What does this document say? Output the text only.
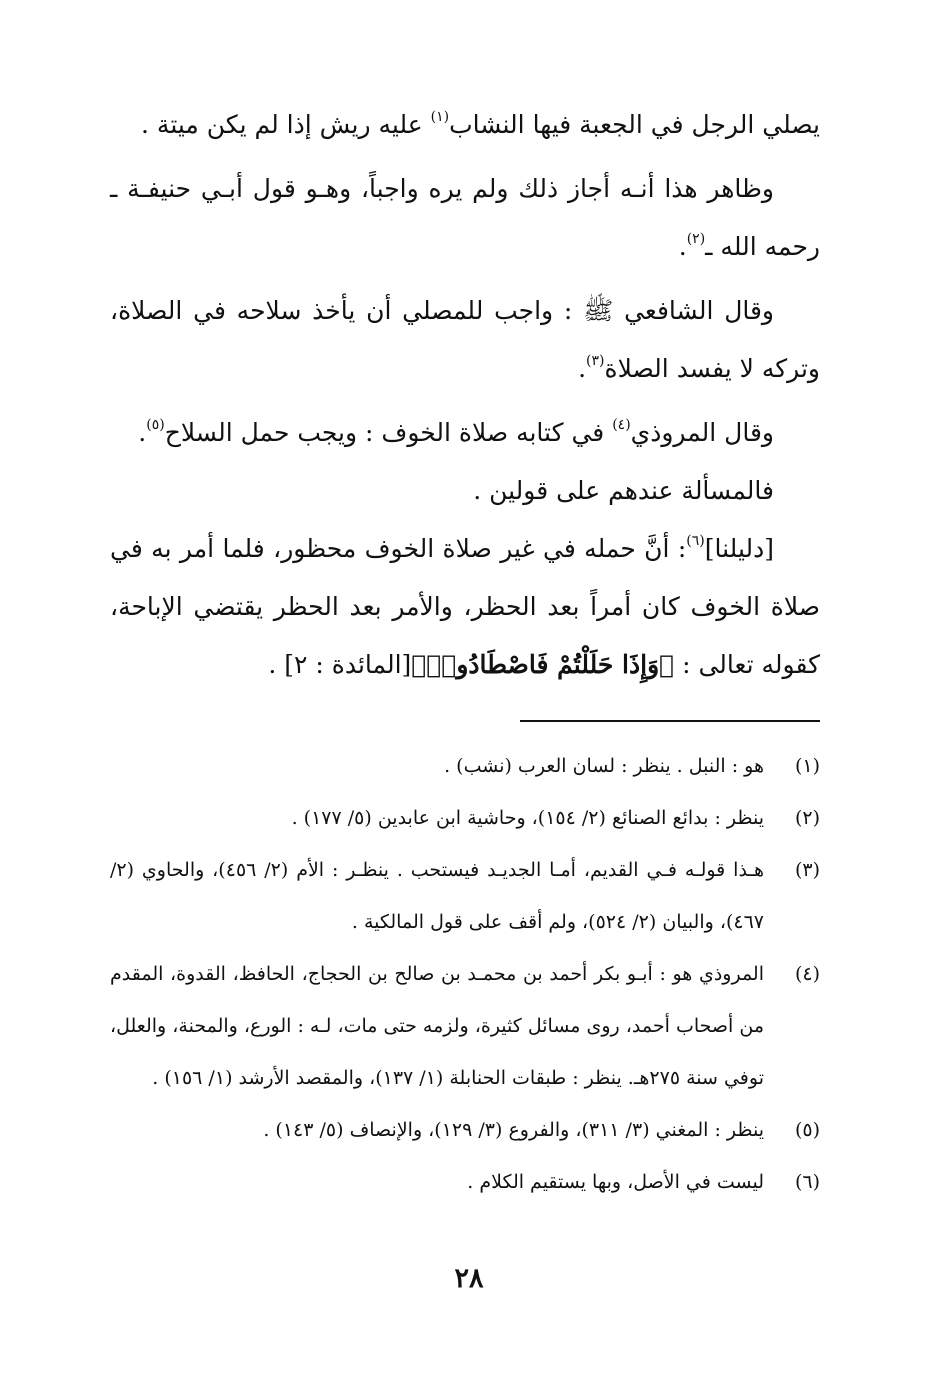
يصلي الرجل في الجعبة فيها النشاب$^{(١)}$ عليه ريش إذا لم يكن ميتة .

وظاهر هذا أنـه أجاز ذلك ولم يره واجباً، وهـو قول أبـي حنيفـة ـ رحمه الله ـ$^{(٢)}$.

وقال الشافعي ﷺ : واجب للمصلي أن يأخذ سلاحه في الصلاة، وتركه لا يفسد الصلاة$^{(٣)}$.

وقال المروذي$^{(٤)}$ في كتابه صلاة الخوف : ويجب حمل السلاح$^{(٥)}$.

فالمسألة عندهم على قولين .

[دليلنا]$^{(٦)}$: أنَّ حمله في غير صلاة الخوف محظور، فلما أمر به في صلاة الخوف كان أمراً بعد الحظر، والأمر بعد الحظر يقتضي الإباحة، كقوله تعالى : ﴿وَإِذَا حَلَلْتُمْ فَاصْطَادُوا۟﴾[المائدة : ٢] .

(١)
هو : النبل . ينظر : لسان العرب (نشب) .
(٢)
ينظر : بدائع الصنائع (٢/ ١٥٤)، وحاشية ابن عابدين (٥/ ١٧٧) .
(٣)
هـذا قولـه فـي القديم، أمـا الجديـد فيستحب . ينظـر : الأم (٢/ ٤٥٦)، والحاوي (٢/ ٤٦٧)، والبيان (٢/ ٥٢٤)، ولم أقف على قول المالكية .
(٤)
المروذي هو : أبـو بكر أحمد بن محمـد بن صالح بن الحجاج، الحافظ، القدوة، المقدم من أصحاب أحمد، روى مسائل كثيرة، ولزمه حتى مات، لـه : الورع، والمحنة، والعلل، توفي سنة ٢٧٥هـ. ينظر : طبقات الحنابلة (١/ ١٣٧)، والمقصد الأرشد (١/ ١٥٦) .
(٥)
ينظر : المغني (٣/ ٣١١)، والفروع (٣/ ١٢٩)، والإنصاف (٥/ ١٤٣) .
(٦)
ليست في الأصل، وبها يستقيم الكلام .
٢٨
